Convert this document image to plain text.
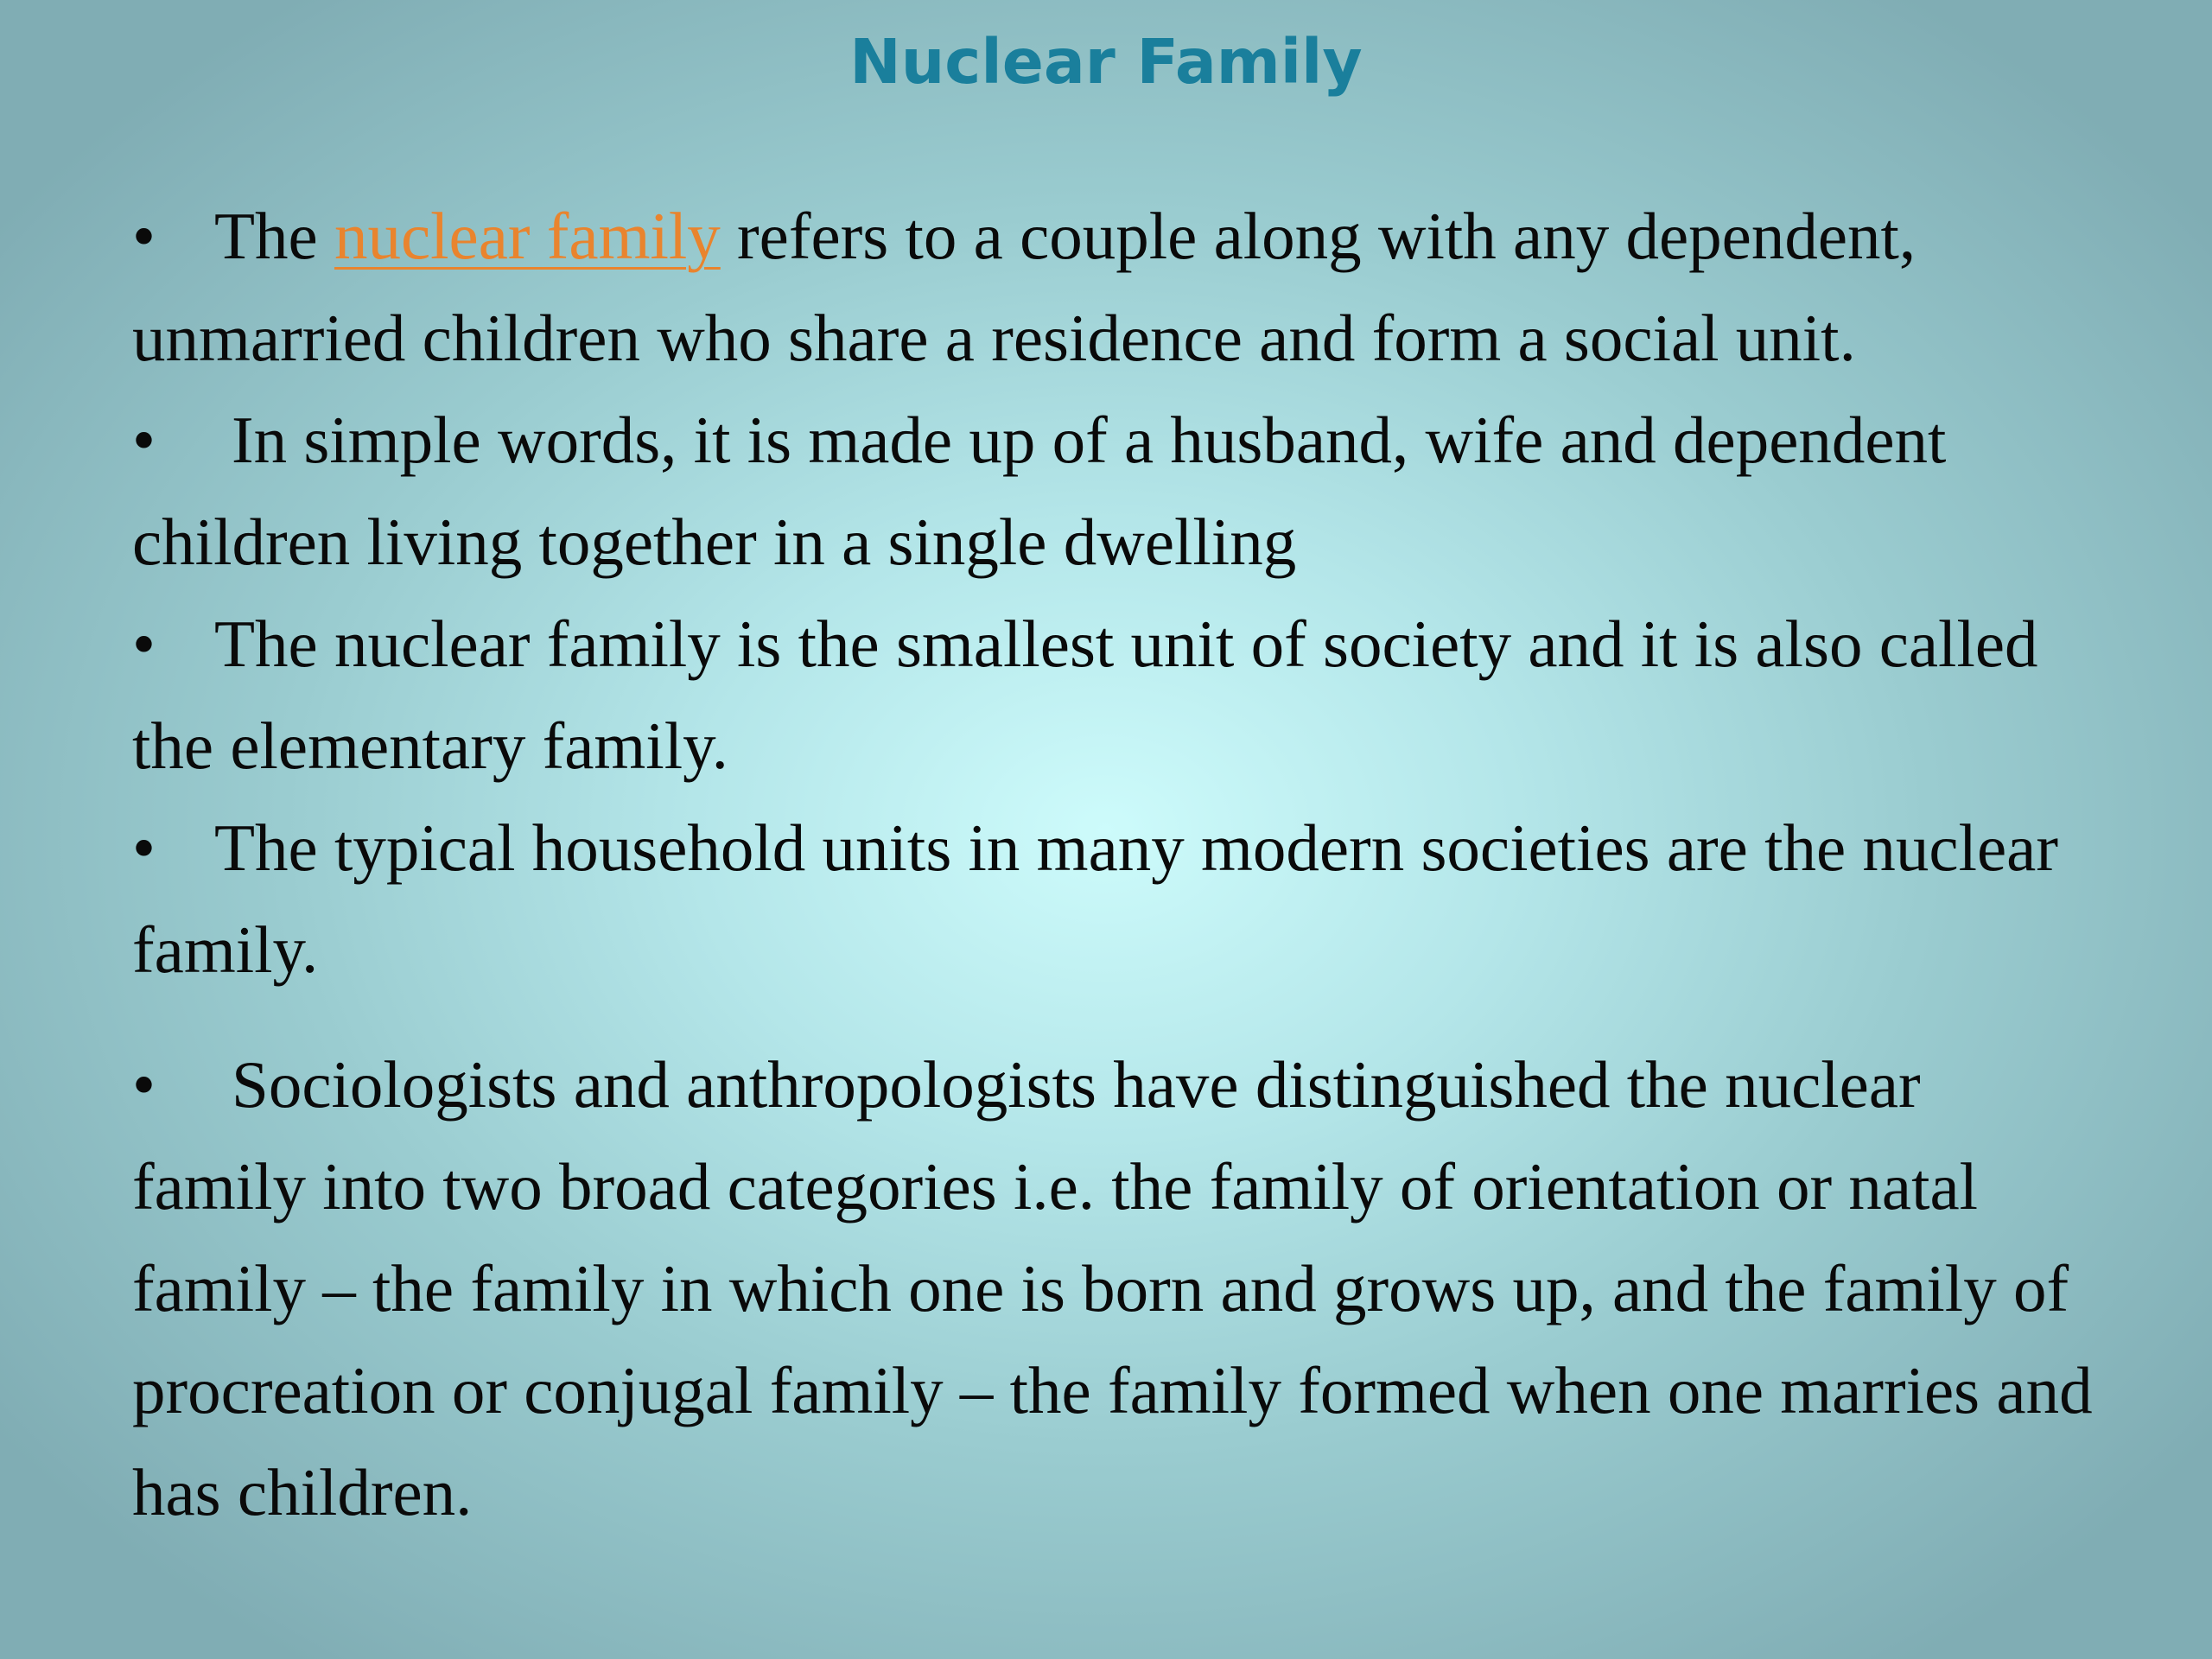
Nuclear Family

• The nuclear family refers to a couple along with any dependent, unmarried children who share a residence and form a social unit.

• In simple words, it is made up of a husband, wife and dependent children living together in a single dwelling

• The nuclear family is the smallest unit of society and it is also called the elementary family.

• The typical household units in many modern societies are the nuclear family.

• Sociologists and anthropologists have distinguished the nuclear family into two broad categories i.e. the family of orientation or natal family – the family in which one is born and grows up, and the family of procreation or conjugal family – the family formed when one marries and has children.
